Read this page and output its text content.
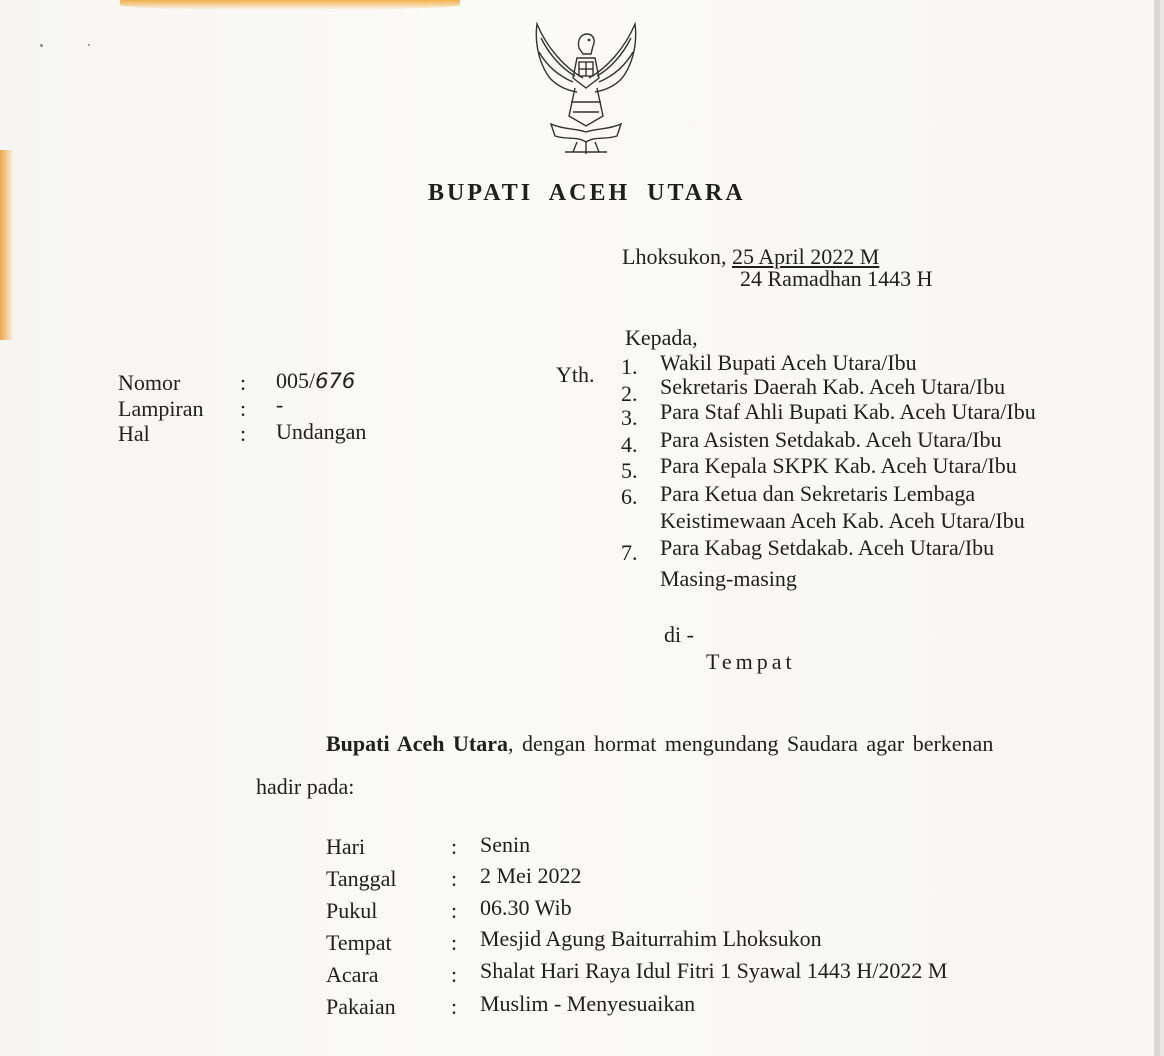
BUPATI ACEH UTARA
Lhoksukon, 25 April 2022 M
24 Ramadhan 1443 H
Nomor	: 005/676
Lampiran : -
Hal	: Undangan
Kepada,
Yth. 1. Wakil Bupati Aceh Utara/Ibu
2. Sekretaris Daerah Kab. Aceh Utara/Ibu
3. Para Staf Ahli Bupati Kab. Aceh Utara/Ibu
4. Para Asisten Setdakab. Aceh Utara/Ibu
5. Para Kepala SKPK Kab. Aceh Utara/Ibu
6. Para Ketua dan Sekretaris Lembaga
Keistimewaan Aceh Kab. Aceh Utara/Ibu
7. Para Kabag Setdakab. Aceh Utara/Ibu
Masing-masing
di -
Tempat
Bupati Aceh Utara, dengan hormat mengundang Saudara agar berkenan
hadir pada:
Hari	: Senin
Tanggal : 2 Mei 2022
Pukul	: 06.30 Wib
Tempat	: Mesjid Agung Baiturrahim Lhoksukon
Acara	: Shalat Hari Raya Idul Fitri 1 Syawal 1443 H/2022 M
Pakaian	: Muslim - Menyesuaikan
